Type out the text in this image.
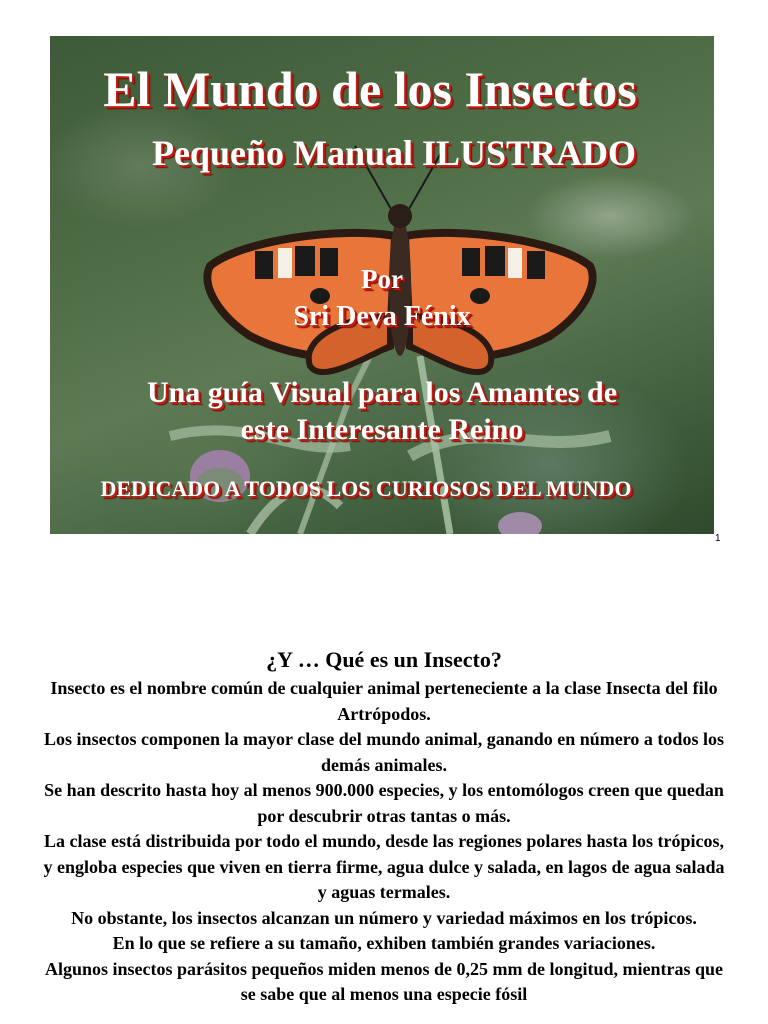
El Mundo de los Insectos
Pequeño Manual ILUSTRADO
Por
Sri Deva Fénix
Una guía Visual para los Amantes de
este Interesante Reino
DEDICADO A TODOS LOS CURIOSOS DEL MUNDO
1
¿Y … Qué es un Insecto?

Insecto es el nombre común de cualquier animal perteneciente a la clase Insecta del filo Artrópodos.

Los insectos componen la mayor clase del mundo animal, ganando en número a todos los demás animales.

Se han descrito hasta hoy al menos 900.000 especies, y los entomólogos creen que quedan por descubrir otras tantas o más.

La clase está distribuida por todo el mundo, desde las regiones polares hasta los trópicos, y engloba especies que viven en tierra firme, agua dulce y salada, en lagos de agua salada y aguas termales.

No obstante, los insectos alcanzan un número y variedad máximos en los trópicos.

En lo que se refiere a su tamaño, exhiben también grandes variaciones.

Algunos insectos parásitos pequeños miden menos de 0,25 mm de longitud, mientras que se sabe que al menos una especie fósil
